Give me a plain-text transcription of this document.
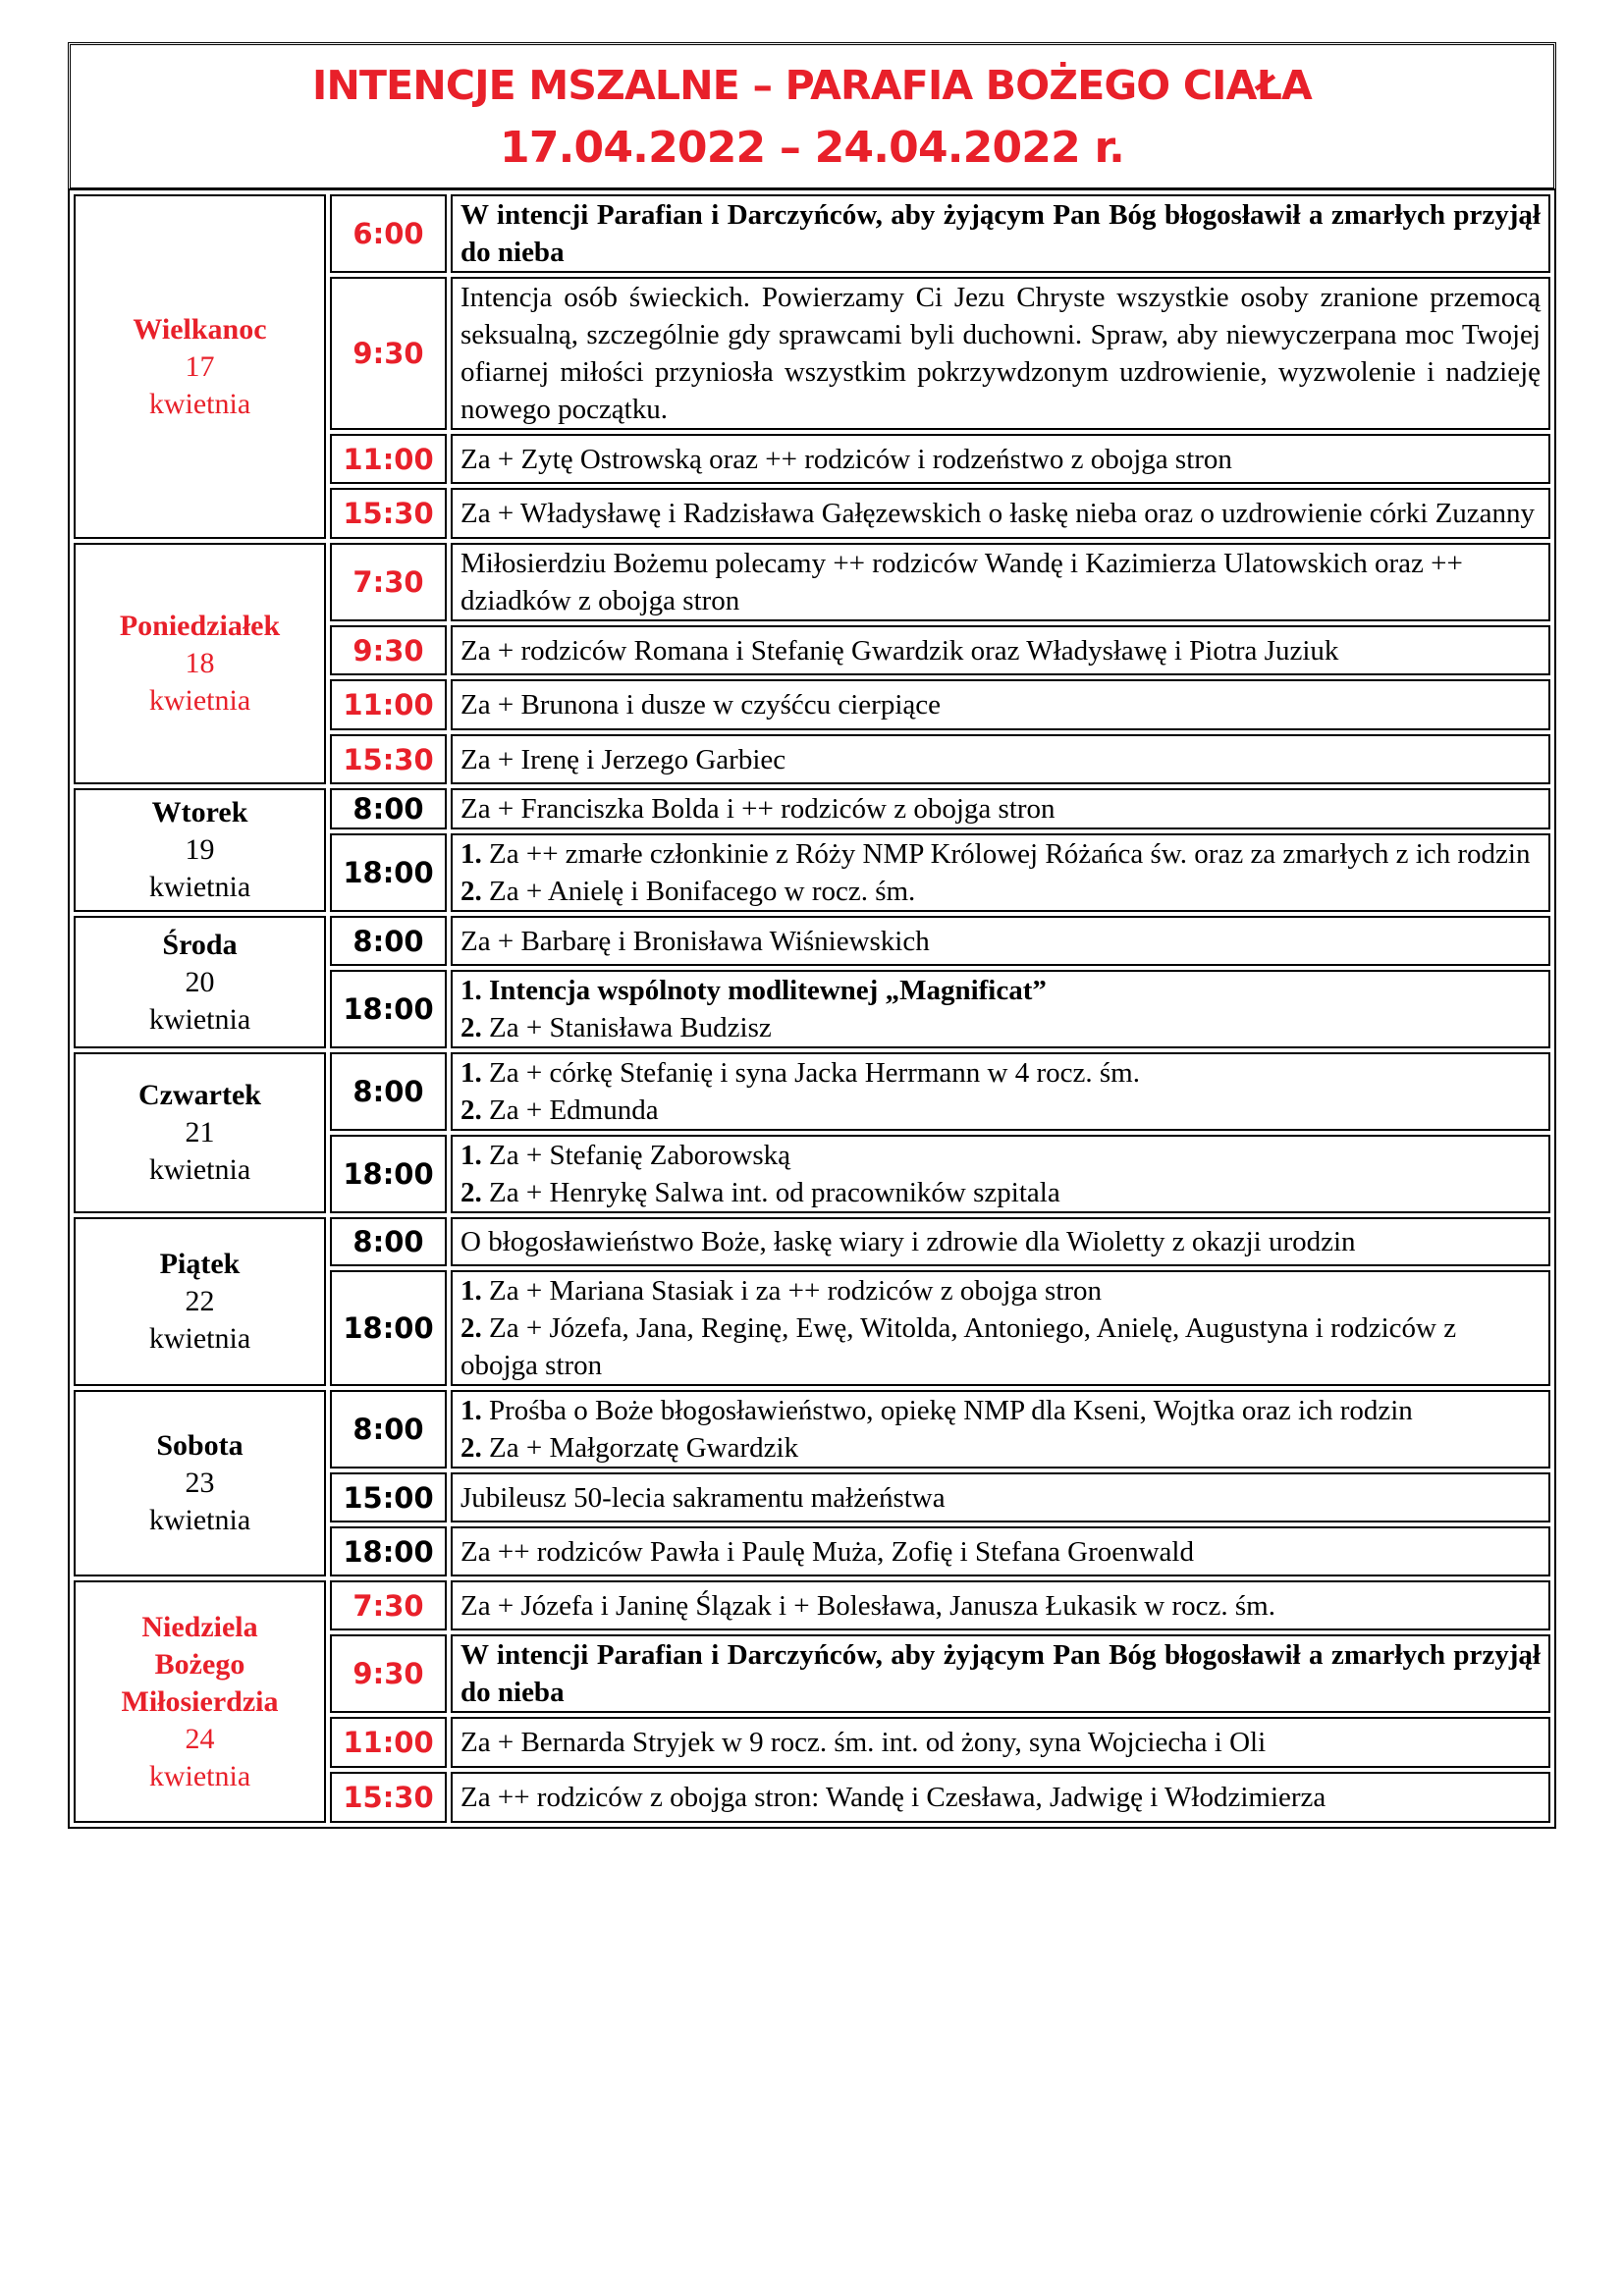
INTENCJE MSZALNE – PARAFIA BOŻEGO CIAŁA
17.04.2022 – 24.04.2022 r.
Wielkanoc
17
kwietnia	6:00	W intencji Parafian i Darczyńców, aby żyjącym Pan Bóg błogosławił a zmarłych przyjął do nieba

	9:30	Intencja osób świeckich. Powierzamy Ci Jezu Chryste wszystkie osoby zranione przemocą seksualną, szczególnie gdy sprawcami byli duchowni. Spraw, aby niewyczerpana moc Twojej ofiarnej miłości przyniosła wszystkim pokrzywdzonym uzdrowienie, wyzwolenie i nadzieję nowego początku.

	11:00	Za + Zytę Ostrowską oraz ++ rodziców i rodzeństwo z obojga stron

	15:30	Za + Władysławę i Radzisława Gałęzewskich o łaskę nieba oraz o uzdrowienie córki Zuzanny

Poniedziałek
18
kwietnia	7:30	Miłosierdziu Bożemu polecamy ++ rodziców Wandę i Kazimierza Ulatowskich oraz ++ dziadków z obojga stron

	9:30	Za + rodziców Romana i Stefanię Gwardzik oraz Władysławę i Piotra Juziuk

	11:00	Za + Brunona i dusze w czyśćcu cierpiące

	15:30	Za + Irenę i Jerzego Garbiec

Wtorek
19
kwietnia	8:00	Za + Franciszka Bolda i ++ rodziców z obojga stron

	18:00	1. Za ++ zmarłe członkinie z Róży NMP Królowej Różańca św. oraz za zmarłych z ich rodzin
2. Za + Anielę i Bonifacego w rocz. śm.

Środa
20
kwietnia	8:00	Za + Barbarę i Bronisława Wiśniewskich

	18:00	1. Intencja wspólnoty modlitewnej „Magnificat”
2. Za + Stanisława Budzisz

Czwartek
21
kwietnia	8:00	1. Za + córkę Stefanię i syna Jacka Herrmann w 4 rocz. śm.
2. Za + Edmunda

	18:00	1. Za + Stefanię Zaborowską
2. Za + Henrykę Salwa int. od pracowników szpitala

Piątek
22
kwietnia	8:00	O błogosławieństwo Boże, łaskę wiary i zdrowie dla Wioletty z okazji urodzin

	18:00	1. Za + Mariana Stasiak i za ++ rodziców z obojga stron
2. Za + Józefa, Jana, Reginę, Ewę, Witolda, Antoniego, Anielę, Augustyna i rodziców z obojga stron

Sobota
23
kwietnia	8:00	1. Prośba o Boże błogosławieństwo, opiekę NMP dla Kseni, Wojtka oraz ich rodzin
2. Za + Małgorzatę Gwardzik

	15:00	Jubileusz 50-lecia sakramentu małżeństwa

	18:00	Za ++ rodziców Pawła i Paulę Muża, Zofię i Stefana Groenwald

Niedziela Bożego Miłosierdzia
24
kwietnia	7:30	Za + Józefa i Janinę Ślązak i + Bolesława, Janusza Łukasik w rocz. śm.

	9:30	W intencji Parafian i Darczyńców, aby żyjącym Pan Bóg błogosławił a zmarłych przyjął do nieba

	11:00	Za + Bernarda Stryjek w 9 rocz. śm. int. od żony, syna Wojciecha i Oli

	15:30	Za ++ rodziców z obojga stron: Wandę i Czesława, Jadwigę i Włodzimierza
